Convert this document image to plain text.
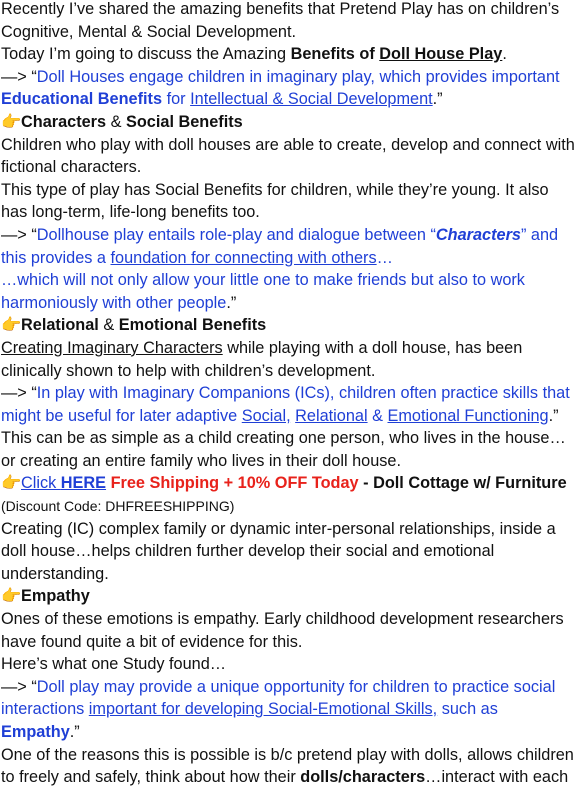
Recently I’ve shared the amazing benefits that Pretend Play has on children’s

Cognitive, Mental & Social Development.

Today I’m going to discuss the Amazing Benefits of Doll House Play.

—> “Doll Houses engage children in imaginary play, which provides important

Educational Benefits for Intellectual & Social Development.”

👉Characters & Social Benefits

Children who play with doll houses are able to create, develop and connect with

fictional characters.

This type of play has Social Benefits for children, while they’re young. It also

has long-term, life-long benefits too.

—> “Dollhouse play entails role-play and dialogue between “Characters” and

this provides a foundation for connecting with others…

…which will not only allow your little one to make friends but also to work

harmoniously with other people.”

👉Relational & Emotional Benefits

Creating Imaginary Characters while playing with a doll house, has been

clinically shown to help with children’s development.

—> “In play with Imaginary Companions (ICs), children often practice skills that

might be useful for later adaptive Social, Relational & Emotional Functioning.”

This can be as simple as a child creating one person, who lives in the house…

or creating an entire family who lives in their doll house.

👉Click HERE Free Shipping + 10% OFF Today - Doll Cottage w/ Furniture

(Discount Code: DHFREESHIPPING)

Creating (IC) complex family or dynamic inter-personal relationships, inside a

doll house…helps children further develop their social and emotional

understanding.

👉Empathy

Ones of these emotions is empathy. Early childhood development researchers

have found quite a bit of evidence for this.

Here’s what one Study found…

—> “Doll play may provide a unique opportunity for children to practice social

interactions important for developing Social-Emotional Skills, such as

Empathy.”

One of the reasons this is possible is b/c pretend play with dolls, allows children

to freely and safely, think about how their dolls/characters…interact with each
